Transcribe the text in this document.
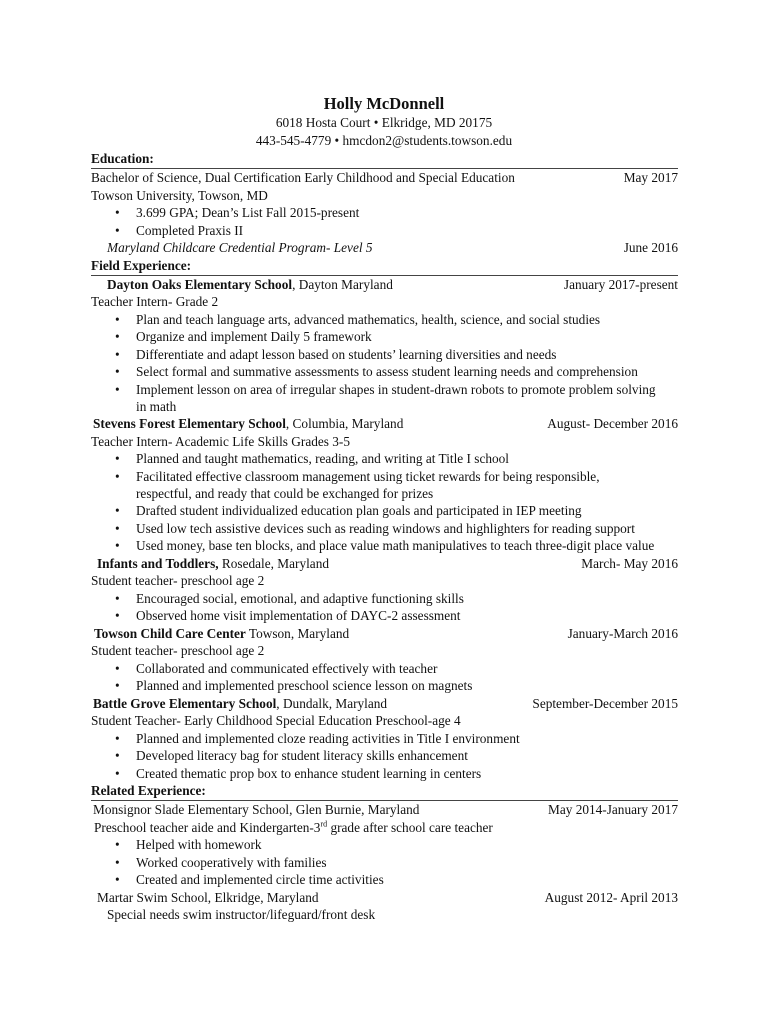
Holly McDonnell
6018 Hosta Court • Elkridge, MD 20175
443-545-4779 • hmcdon2@students.towson.edu
Education:
Bachelor of Science, Dual Certification Early Childhood and Special Education	May 2017
Towson University, Towson, MD
• 3.699 GPA; Dean’s List Fall 2015-present
• Completed Praxis II
Maryland Childcare Credential Program- Level 5	June 2016
Field Experience:
Dayton Oaks Elementary School, Dayton Maryland	January 2017-present
Teacher Intern- Grade 2
• Plan and teach language arts, advanced mathematics, health, science, and social studies
• Organize and implement Daily 5 framework
• Differentiate and adapt lesson based on students’ learning diversities and needs
• Select formal and summative assessments to assess student learning needs and comprehension
• Implement lesson on area of irregular shapes in student-drawn robots to promote problem solving
in math
Stevens Forest Elementary School, Columbia, Maryland	August- December 2016
Teacher Intern- Academic Life Skills Grades 3-5
• Planned and taught mathematics, reading, and writing at Title I school
• Facilitated effective classroom management using ticket rewards for being responsible,
respectful, and ready that could be exchanged for prizes
• Drafted student individualized education plan goals and participated in IEP meeting
• Used low tech assistive devices such as reading windows and highlighters for reading support
• Used money, base ten blocks, and place value math manipulatives to teach three-digit place value
Infants and Toddlers, Rosedale, Maryland	March- May 2016
Student teacher- preschool age 2
• Encouraged social, emotional, and adaptive functioning skills
• Observed home visit implementation of DAYC-2 assessment
Towson Child Care Center Towson, Maryland	January-March 2016
Student teacher- preschool age 2
• Collaborated and communicated effectively with teacher
• Planned and implemented preschool science lesson on magnets
Battle Grove Elementary School, Dundalk, Maryland	September-December 2015
Student Teacher- Early Childhood Special Education Preschool-age 4
• Planned and implemented cloze reading activities in Title I environment
• Developed literacy bag for student literacy skills enhancement
• Created thematic prop box to enhance student learning in centers
Related Experience:
Monsignor Slade Elementary School, Glen Burnie, Maryland	May 2014-January 2017
Preschool teacher aide and Kindergarten-3rd grade after school care teacher
• Helped with homework
• Worked cooperatively with families
• Created and implemented circle time activities
Martar Swim School, Elkridge, Maryland	August 2012- April 2013
Special needs swim instructor/lifeguard/front desk
